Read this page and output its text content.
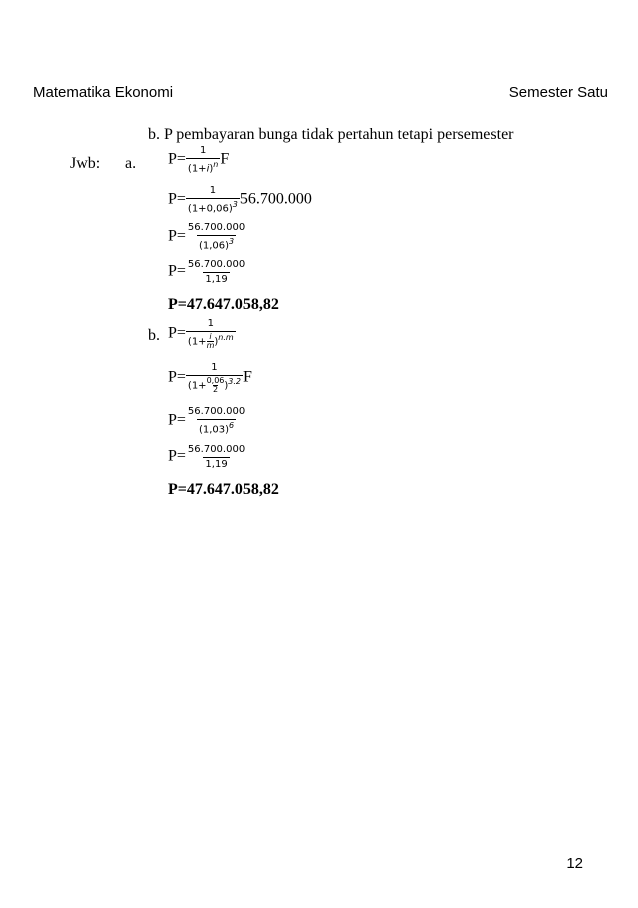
Matematika Ekonomi	Semester Satu
b. P pembayaran bunga tidak pertahun tetapi persemester
Jwb: a. $P= \frac{1}{(1+i)^n}$ F
$P= \frac{1}{(1+0,06)^3} 56.700.000$
$P= \frac{56.700.000}{(1,06)^3}$
$P= \frac{56.700.000}{1,19}$
P=47.647.058,82
b. $P= \frac{1}{(1+ \frac{i}{m} )^{n.m}}$
$P= \frac{1}{(1+ \frac{0,06}{2} )^{3.2}}$ F
$P= \frac{56.700.000}{(1,03)^6}$
$P= \frac{56.700.000}{1,19}$
P=47.647.058,82
12
